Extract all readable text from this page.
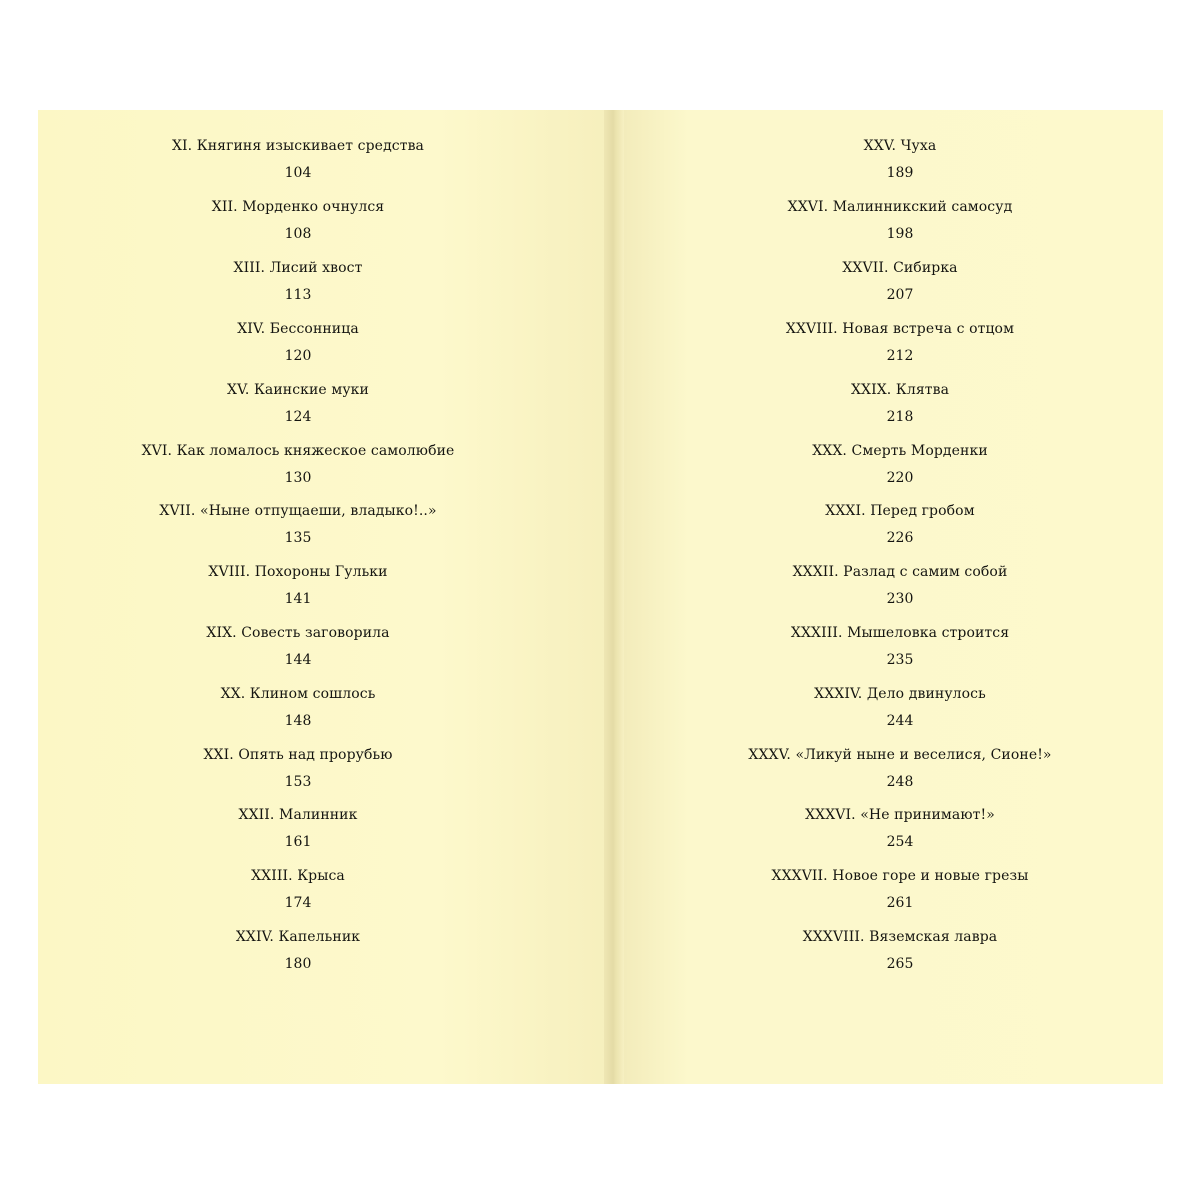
XI. Княгиня изыскивает средства
104
XII. Морденко очнулся
108
XIII. Лисий хвост
113
XIV. Бессонница
120
XV. Каинские муки
124
XVI. Как ломалось княжеское самолюбие
130
XVII. «Ныне отпущаеши, владыко!..»
135
XVIII. Похороны Гульки
141
XIX. Совесть заговорила
144
XX. Клином сошлось
148
XXI. Опять над прорубью
153
XXII. Малинник
161
XXIII. Крыса
174
XXIV. Капельник
180
XXV. Чуха
189
XXVI. Малинникский самосуд
198
XXVII. Сибирка
207
XXVIII. Новая встреча с отцом
212
XXIX. Клятва
218
XXX. Смерть Морденки
220
XXXI. Перед гробом
226
XXXII. Разлад с самим собой
230
XXXIII. Мышеловка строится
235
XXXIV. Дело двинулось
244
XXXV. «Ликуй ныне и веселися, Сионе!»
248
XXXVI. «Не принимают!»
254
XXXVII. Новое горе и новые грезы
261
XXXVIII. Вяземская лавра
265
